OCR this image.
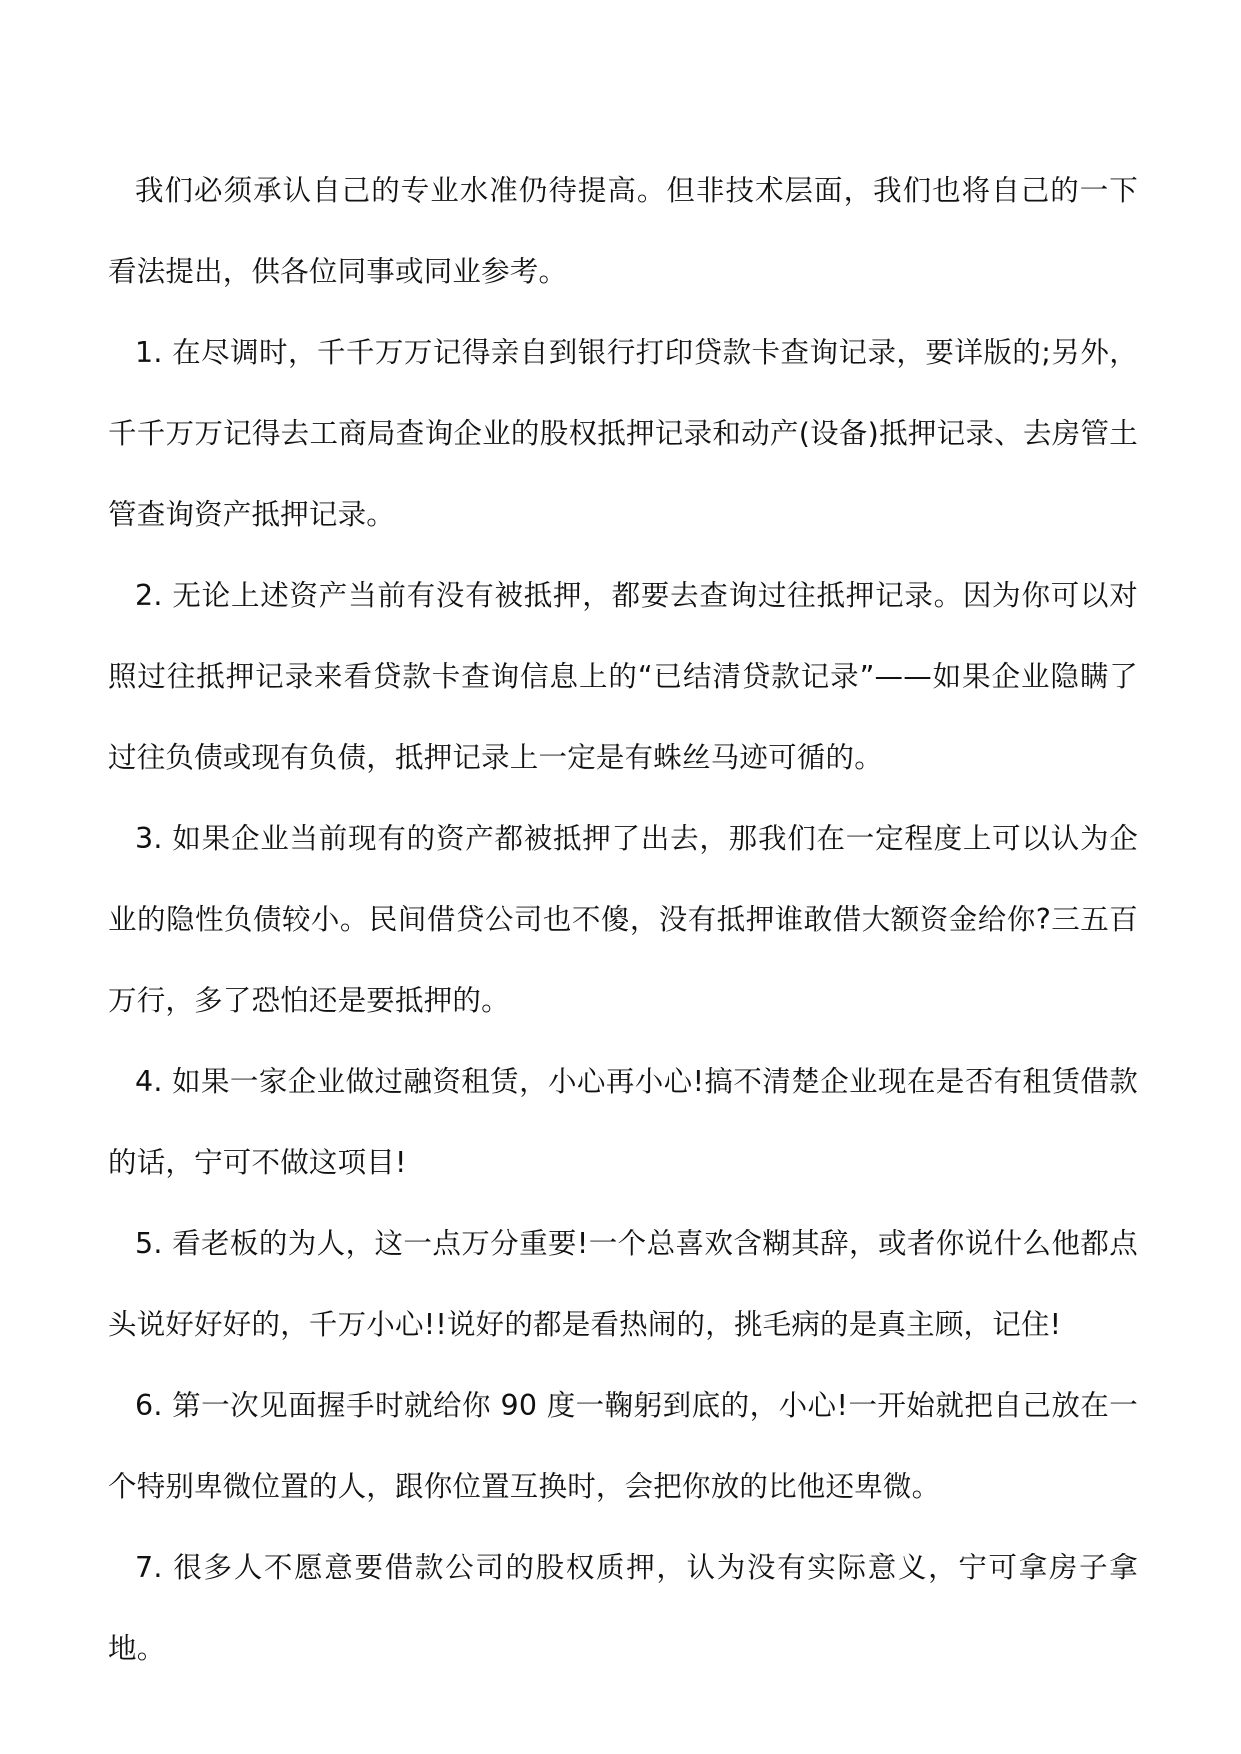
我们必须承认自己的专业水准仍待提高。但非技术层面，我们也将自己的一下看法提出，供各位同事或同业参考。

1. 在尽调时，千千万万记得亲自到银行打印贷款卡查询记录，要详版的;另外，千千万万记得去工商局查询企业的股权抵押记录和动产(设备)抵押记录、去房管土管查询资产抵押记录。

2. 无论上述资产当前有没有被抵押，都要去查询过往抵押记录。因为你可以对照过往抵押记录来看贷款卡查询信息上的“已结清贷款记录”——如果企业隐瞒了过往负债或现有负债，抵押记录上一定是有蛛丝马迹可循的。

3. 如果企业当前现有的资产都被抵押了出去，那我们在一定程度上可以认为企业的隐性负债较小。民间借贷公司也不傻，没有抵押谁敢借大额资金给你?三五百万行，多了恐怕还是要抵押的。

4. 如果一家企业做过融资租赁，小心再小心!搞不清楚企业现在是否有租赁借款的话，宁可不做这项目!

5. 看老板的为人，这一点万分重要!一个总喜欢含糊其辞，或者你说什么他都点头说好好好的，千万小心!!说好的都是看热闹的，挑毛病的是真主顾，记住!

6. 第一次见面握手时就给你 90 度一鞠躬到底的，小心!一开始就把自己放在一个特别卑微位置的人，跟你位置互换时，会把你放的比他还卑微。

7. 很多人不愿意要借款公司的股权质押，认为没有实际意义，宁可拿房子拿地。
